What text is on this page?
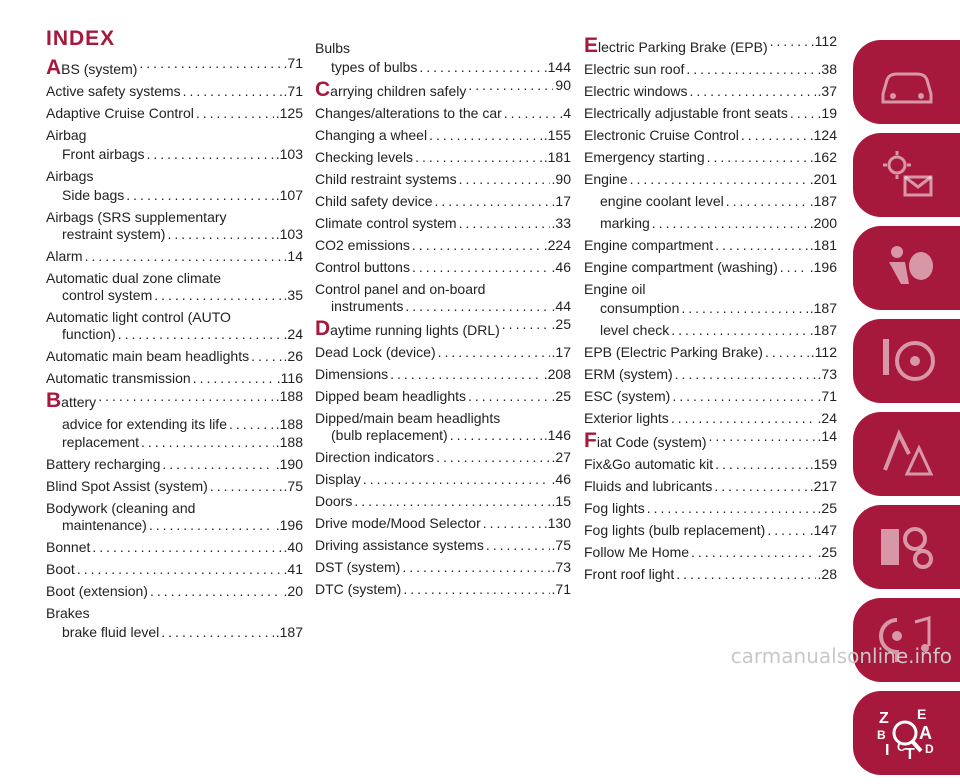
INDEX
ABS (system) .....	.71
Active safety systems .....	.71
Adaptive Cruise Control .....	.125
Airbag
Front airbags .....	.103
Airbags
Side bags .....	.107
Airbags (SRS supplementary
restraint system) .....	.103
Alarm .....	.14
Automatic dual zone climate
control system .....	.35
Automatic light control (AUTO
function) .....	.24
Automatic main beam headlights ..... .26
Automatic transmission .....	.116
Battery .....	.188
advice for extending its life .....	.188
replacement .....	.188
Battery recharging .....	.190
Blind Spot Assist (system) .....	.75
Bodywork (cleaning and
maintenance) .....	.196
Bonnet .....	.40
Boot .....	.41
Boot (extension) .....	.20
Brakes
brake fluid level .....	.187
Bulbs
types of bulbs .....	.144
Carrying children safely .....	90
Changes/alterations to the car .....	.4
Changing a wheel .....	.155
Checking levels .....	.181
Child restraint systems .....	.90
Child safety device .....	.17
Climate control system .....	.33
CO2 emissions .....	.224
Control buttons .....	.46
Control panel and on-board
instruments .....	.44
Daytime running lights (DRL) .....	.25
Dead Lock (device) .....	.17
Dimensions .....	.208
Dipped beam headlights .....	.25
Dipped/main beam headlights
(bulb replacement) .....	.146
Direction indicators .....	.27
Display .....	.46
Doors .....	.15
Drive mode/Mood Selector .....	.130
Driving assistance systems .....	.75
DST (system) .....	.73
DTC (system) .....	.71
Electric Parking Brake (EPB) .....	.112
Electric sun roof .....	.38
Electric windows .....	.37
Electrically adjustable front seats ..... .19
Electronic Cruise Control .....	.124
Emergency starting .....	.162
Engine .....	.201
engine coolant level .....	.187
marking .....	.200
Engine compartment .....	.181
Engine compartment (washing) ..... .196
Engine oil
consumption .....	.187
level check .....	.187
EPB (Electric Parking Brake) .....	.112
ERM (system) .....	.73
ESC (system) .....	.71
Exterior lights .....	.24
Fiat Code (system) .....	.14
Fix&Go automatic kit .....	.159
Fluids and lubricants .....	.217
Fog lights .....	.25
Fog lights (bulb replacement) .....	.147
Follow Me Home .....	.25
Front roof light .....	.28
Z E
B A
I C T D
carmanualsonline.info
